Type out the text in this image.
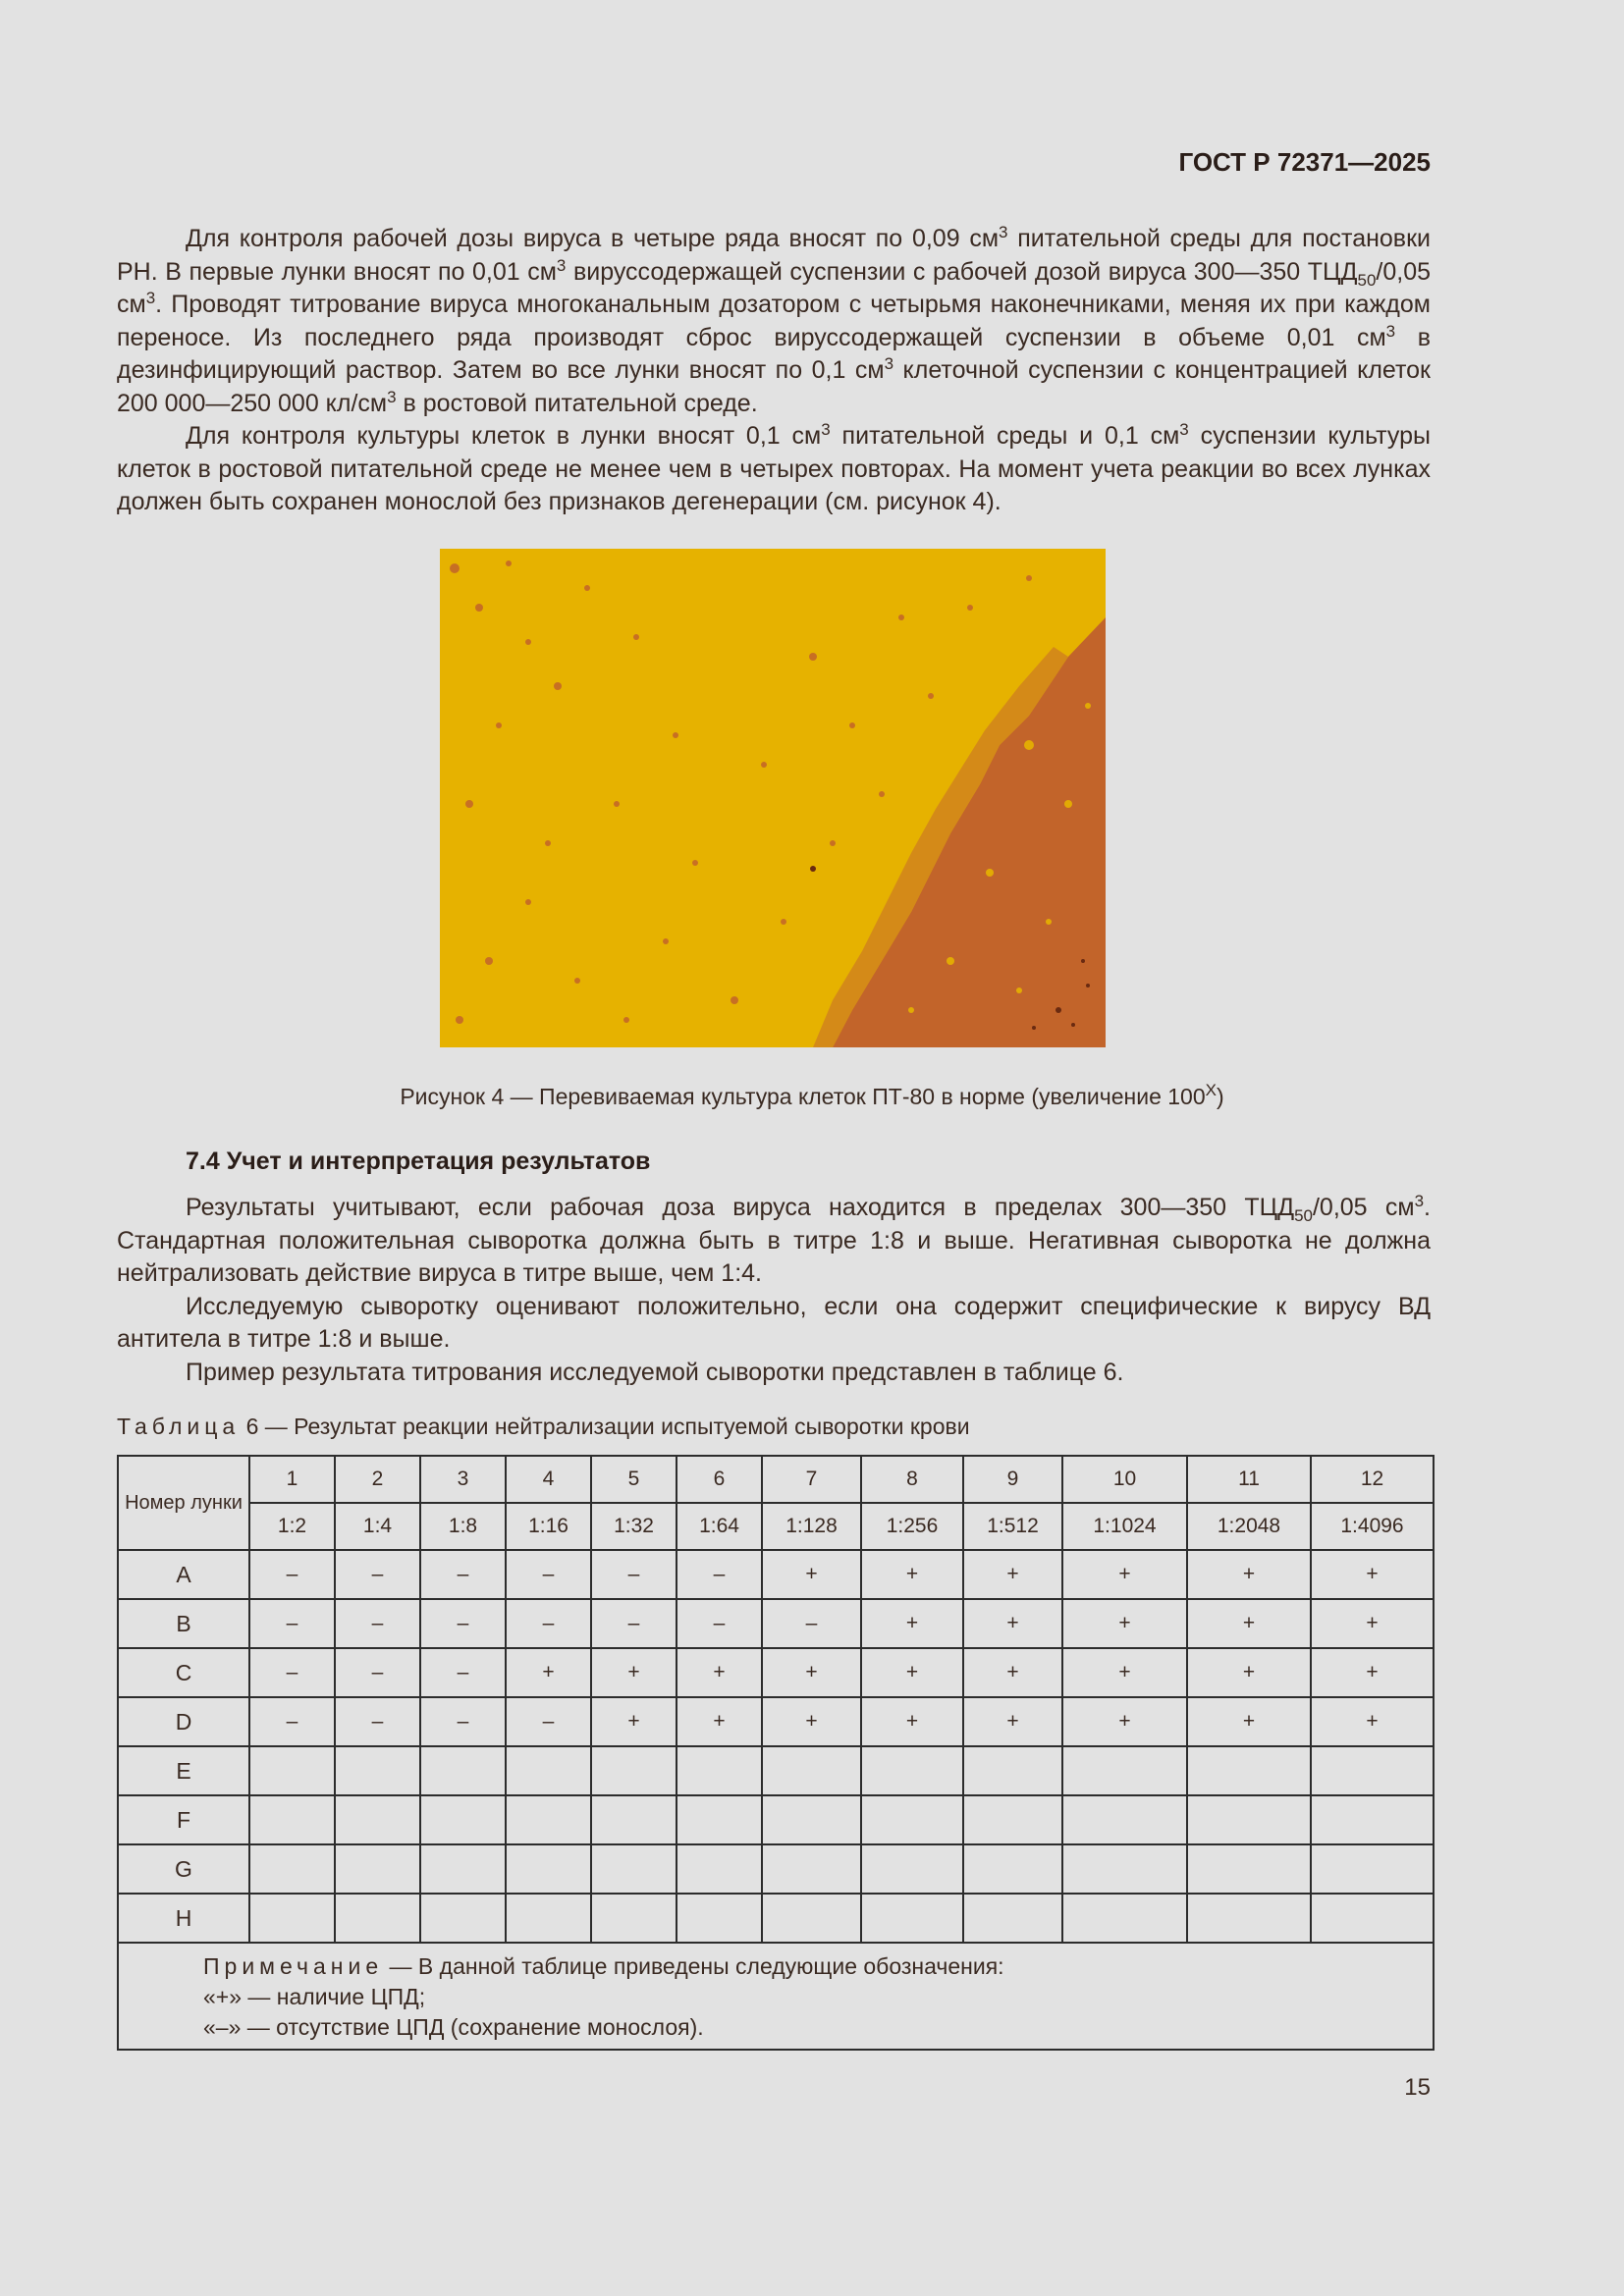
ГОСТ Р 72371—2025

Для контроля рабочей дозы вируса в четыре ряда вносят по 0,09 $см^3$ питательной среды для постановки РН. В первые лунки вносят по 0,01 $см^3$ вируссодержащей суспензии с рабочей дозой вируса 300—350 $ТЦД_{50}/0,05$ $см^3$. Проводят титрование вируса многоканальным дозатором с четырьмя наконечниками, меняя их при каждом переносе. Из последнего ряда производят сброс вируссодержащей суспензии в объеме 0,01 $см^3$ в дезинфицирующий раствор. Затем во все лунки вносят по 0,1 $см^3$ клеточной суспензии с концентрацией клеток 200 000—250 000 $кл/см^3$ в ростовой питательной среде.

Для контроля культуры клеток в лунки вносят 0,1 $см^3$ питательной среды и 0,1 $см^3$ суспензии культуры клеток в ростовой питательной среде не менее чем в четырех повторах. На момент учета реакции во всех лунках должен быть сохранен монослой без признаков дегенерации (см. рисунок 4).

Рисунок 4 — Перевиваемая культура клеток ПТ-80 в норме (увеличение $100^X$)
7.4 Учет и интерпретация результатов

Результаты учитывают, если рабочая доза вируса находится в пределах 300—350 $ТЦД_{50}/0,05$ $см^3$. Стандартная положительная сыворотка должна быть в титре 1:8 и выше. Негативная сыворотка не должна нейтрализовать действие вируса в титре выше, чем 1:4.

Исследуемую сыворотку оценивают положительно, если она содержит специфические к вирусу ВД антитела в титре 1:8 и выше.

Пример результата титрования исследуемой сыворотки представлен в таблице 6.

Таблица 6 — Результат реакции нейтрализации испытуемой сыворотки крови
Номер лунки	1	2	3	4	5	6	7	8	9	10	11	12
	1:2	1:4	1:8	1:16	1:32	1:64	1:128	1:256	1:512	1:1024	1:2048	1:4096
A	–	–	–	–	–	–	+	+	+	+	+	+
B	–	–	–	–	–	–	–	+	+	+	+	+
C	–	–	–	+	+	+	+	+	+	+	+	+
D	–	–	–	–	+	+	+	+	+	+	+	+
E												
F												
G												
H												

Примечание — В данной таблице приведены следующие обозначения:
«+» — наличие ЦПД;
«–» — отсутствие ЦПД (сохранение монослоя).												
15
